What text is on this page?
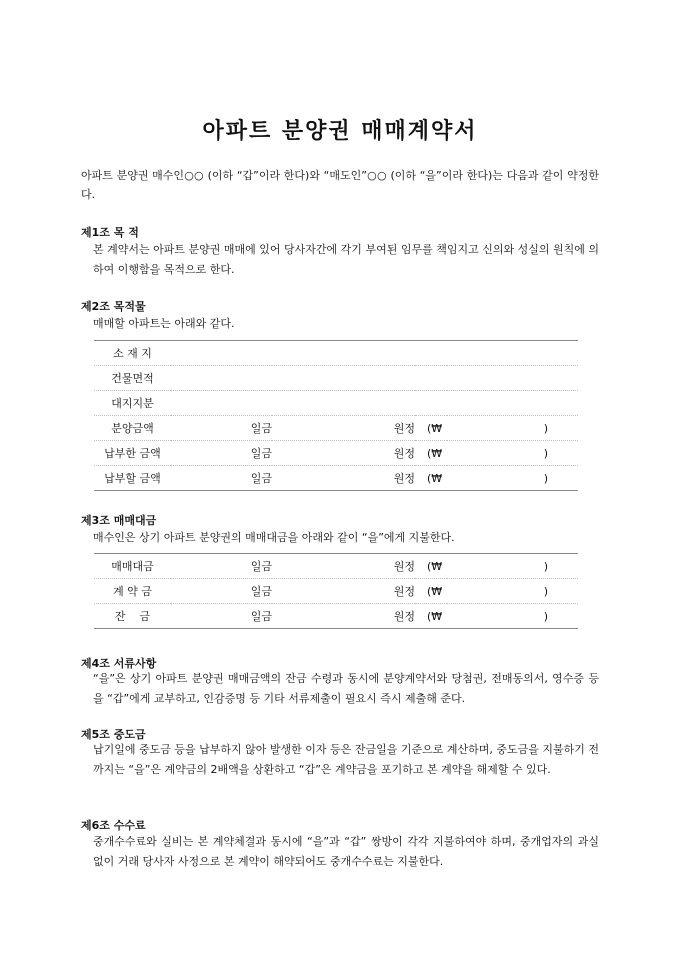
아파트 분양권 매매계약서
아파트 분양권 매수인○○ (이하 “갑”이라 한다)와 “매도인”○○ (이하 “을”이라 한다)는 다음과 같이 약정한다.
제1조 목 적
본 계약서는 아파트 분양권 매매에 있어 당사자간에 각기 부여된 임무를 책임지고 신의와 성실의 원칙에 의하여 이행함을 목적으로 한다.
제2조 목적물
매매할 아파트는 아래와 같다.
소 재 지				
건물면적				
대지지분				
분양금액	일금	원정	(₩	)
납부한 금액	일금	원정	(₩	)
납부할 금액	일금	원정	(₩	)
제3조 매매대금
매수인은 상기 아파트 분양권의 매매대금을 아래와 같이 “을”에게 지불한다.
매매대금	일금	원정	(₩	)
계 약 금	일금	원정	(₩	)
잔    금	일금	원정	(₩	)
제4조 서류사항
“을”은 상기 아파트 분양권 매매금액의 잔금 수령과 동시에 분양계약서와 당첨권, 전매동의서, 영수증 등을 “갑”에게 교부하고, 인감증명 등 기타 서류제출이 필요시 즉시 제출해 준다.
제5조 중도금
납기일에 중도금 등을 납부하지 않아 발생한 이자 등은 잔금일을 기준으로 계산하며, 중도금을 지불하기 전까지는 “을”은 계약금의 2배액을 상환하고 “갑”은 계약금을 포기하고 본 계약을 해제할 수 있다.
제6조 수수료
중개수수료와 실비는 본 계약체결과 동시에 “을”과 “갑” 쌍방이 각각 지불하여야 하며, 중개업자의 과실 없이 거래 당사자 사정으로 본 계약이 해약되어도 중개수수료는 지불한다.
